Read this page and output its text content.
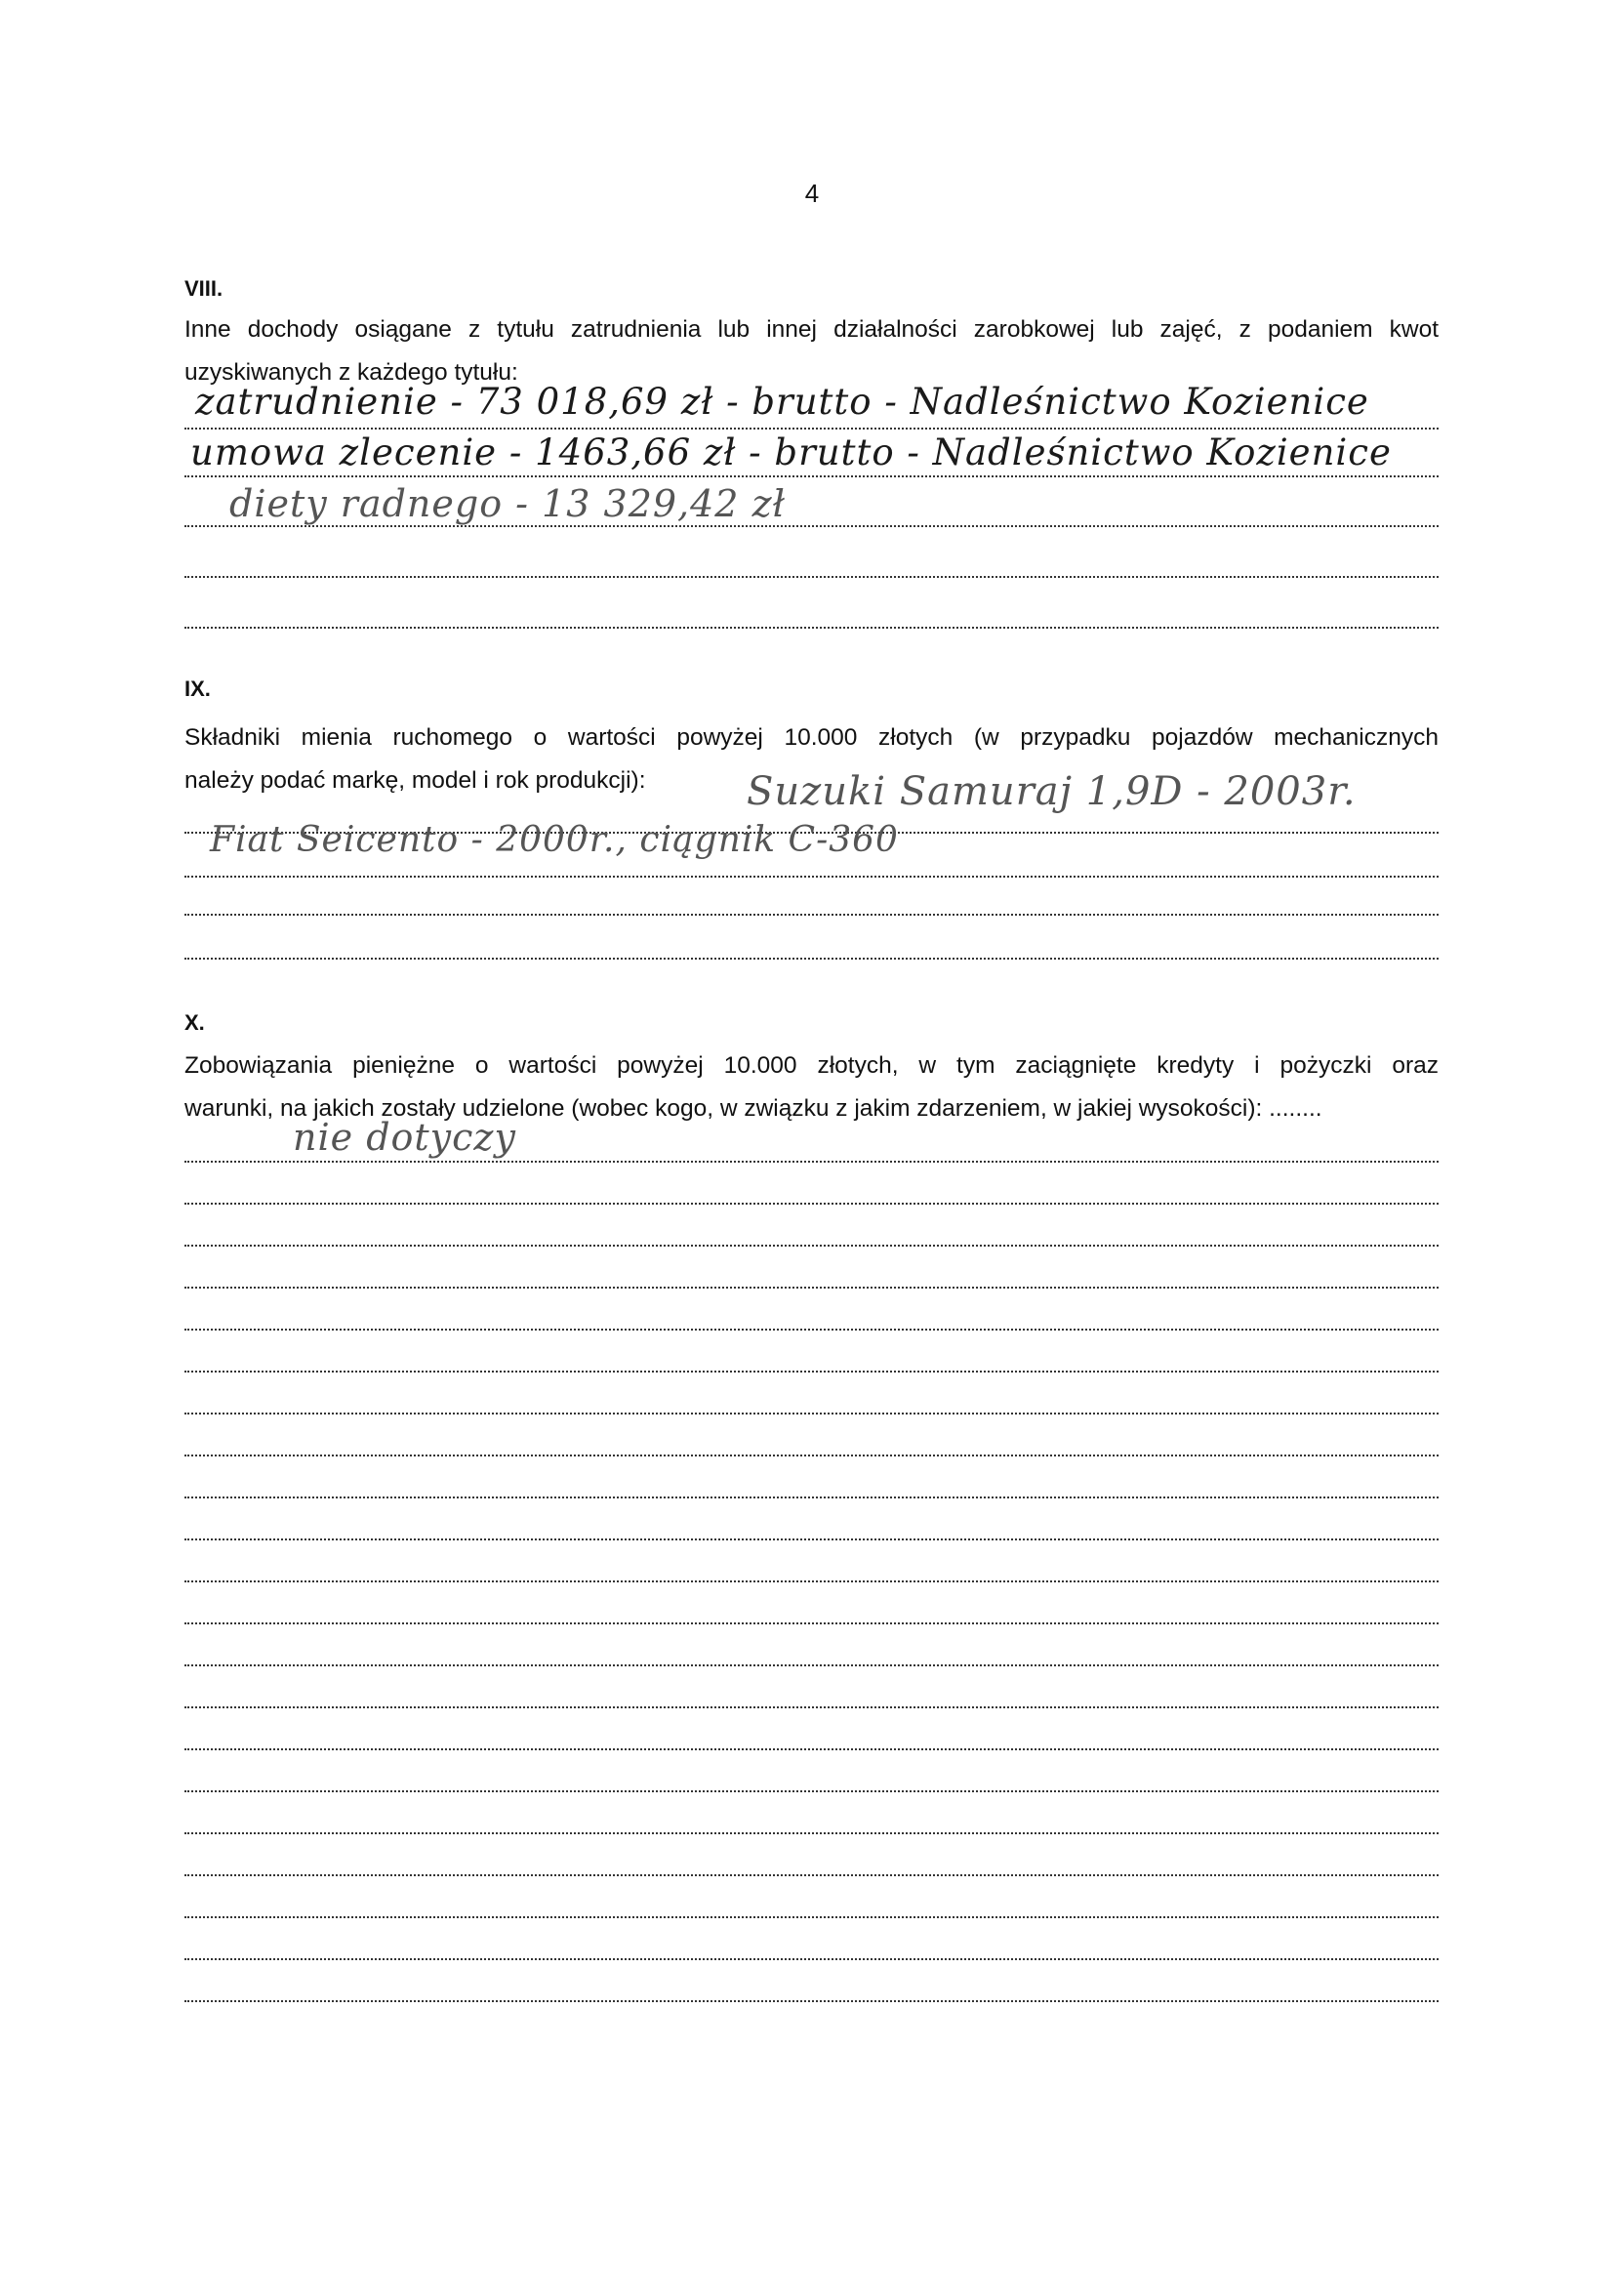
4
VIII.
Inne dochody osiągane z tytułu zatrudnienia lub innej działalności zarobkowej lub zajęć, z podaniem kwot
uzyskiwanych z każdego tytułu:
zatrudnienie - 73 018,69 zł - brutto - Nadleśnictwo Kozienice
umowa zlecenie - 1463,66 zł - brutto - Nadleśnictwo Kozienice
diety radnego - 13 329,42 zł
IX.
Składniki mienia ruchomego o wartości powyżej 10.000 złotych (w przypadku pojazdów mechanicznych
należy podać markę, model i rok produkcji):	Suzuki Samuraj 1,9D - 2003r.
Fiat Seicento - 2000r., ciągnik C-360
X.
Zobowiązania pieniężne o wartości powyżej 10.000 złotych, w tym zaciągnięte kredyty i pożyczki oraz
warunki, na jakich zostały udzielone (wobec kogo, w związku z jakim zdarzeniem, w jakiej wysokości): ........
nie dotyczy
